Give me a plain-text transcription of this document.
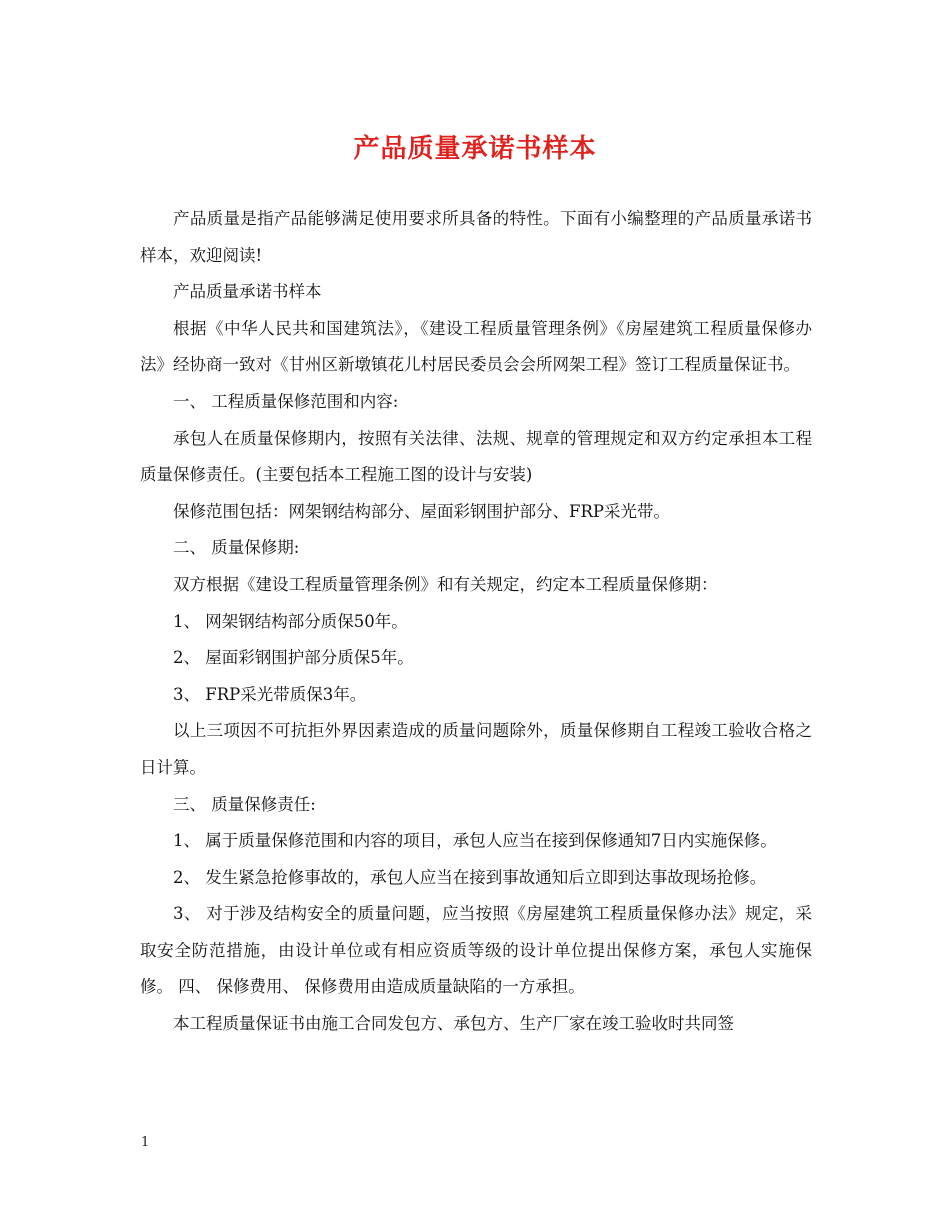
产品质量承诺书样本

产品质量是指产品能够满足使用要求所具备的特性。下面有小编整理的产品质量承诺书样本，欢迎阅读!

产品质量承诺书样本

根据《中华人民共和国建筑法》，《建设工程质量管理条例》《房屋建筑工程质量保修办法》经协商一致对《甘州区新墩镇花儿村居民委员会会所网架工程》签订工程质量保证书。

一、 工程质量保修范围和内容:

承包人在质量保修期内，按照有关法律、法规、规章的管理规定和双方约定承担本工程质量保修责任。(主要包括本工程施工图的设计与安装)

保修范围包括：网架钢结构部分、屋面彩钢围护部分、FRP采光带。

二、 质量保修期:

双方根据《建设工程质量管理条例》和有关规定，约定本工程质量保修期：

1、 网架钢结构部分质保50年。

2、 屋面彩钢围护部分质保5年。

3、 FRP采光带质保3年。

以上三项因不可抗拒外界因素造成的质量问题除外，质量保修期自工程竣工验收合格之日计算。

三、 质量保修责任:

1、 属于质量保修范围和内容的项目，承包人应当在接到保修通知7日内实施保修。

2、 发生紧急抢修事故的，承包人应当在接到事故通知后立即到达事故现场抢修。

3、 对于涉及结构安全的质量问题，应当按照《房屋建筑工程质量保修办法》规定，采取安全防范措施，由设计单位或有相应资质等级的设计单位提出保修方案，承包人实施保修。 四、 保修费用、 保修费用由造成质量缺陷的一方承担。

本工程质量保证书由施工合同发包方、承包方、生产厂家在竣工验收时共同签

1
